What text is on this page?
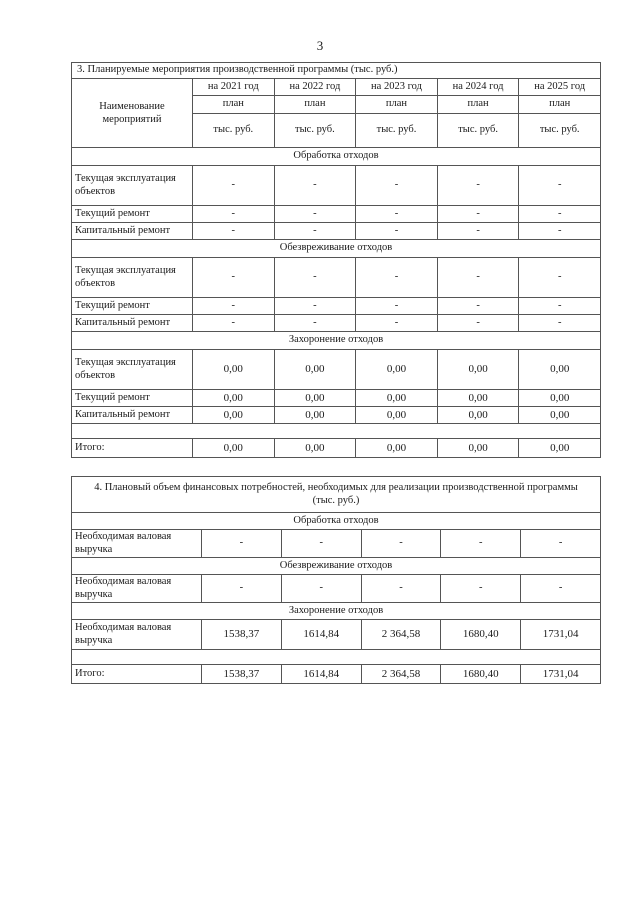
3
3. Планируемые мероприятия производственной программы (тыс. руб.)					
Наименование мероприятий	на 2021 год	на 2022 год	на 2023 год	на 2024 год	на 2025 год
	план	план	план	план	план
	тыс. руб.	тыс. руб.	тыс. руб.	тыс. руб.	тыс. руб.
Обработка отходов					
Текущая эксплуатация объектов	-	-	-	-	-
Текущий ремонт	-	-	-	-	-
Капитальный ремонт	-	-	-	-	-
Обезвреживание отходов					
Текущая эксплуатация объектов	-	-	-	-	-
Текущий ремонт	-	-	-	-	-
Капитальный ремонт	-	-	-	-	-
Захоронение отходов					
Текущая эксплуатация объектов	0,00	0,00	0,00	0,00	0,00
Текущий ремонт	0,00	0,00	0,00	0,00	0,00
Капитальный ремонт	0,00	0,00	0,00	0,00	0,00

Итого:	0,00	0,00	0,00	0,00	0,00
4. Плановый объем финансовых потребностей, необходимых для реализации производственной программы (тыс. руб.)					
Обработка отходов					
Необходимая валовая выручка	-	-	-	-	-
Обезвреживание отходов					
Необходимая валовая выручка	-	-	-	-	-
Захоронение отходов					
Необходимая валовая выручка	1538,37	1614,84	2 364,58	1680,40	1731,04

Итого:	1538,37	1614,84	2 364,58	1680,40	1731,04
